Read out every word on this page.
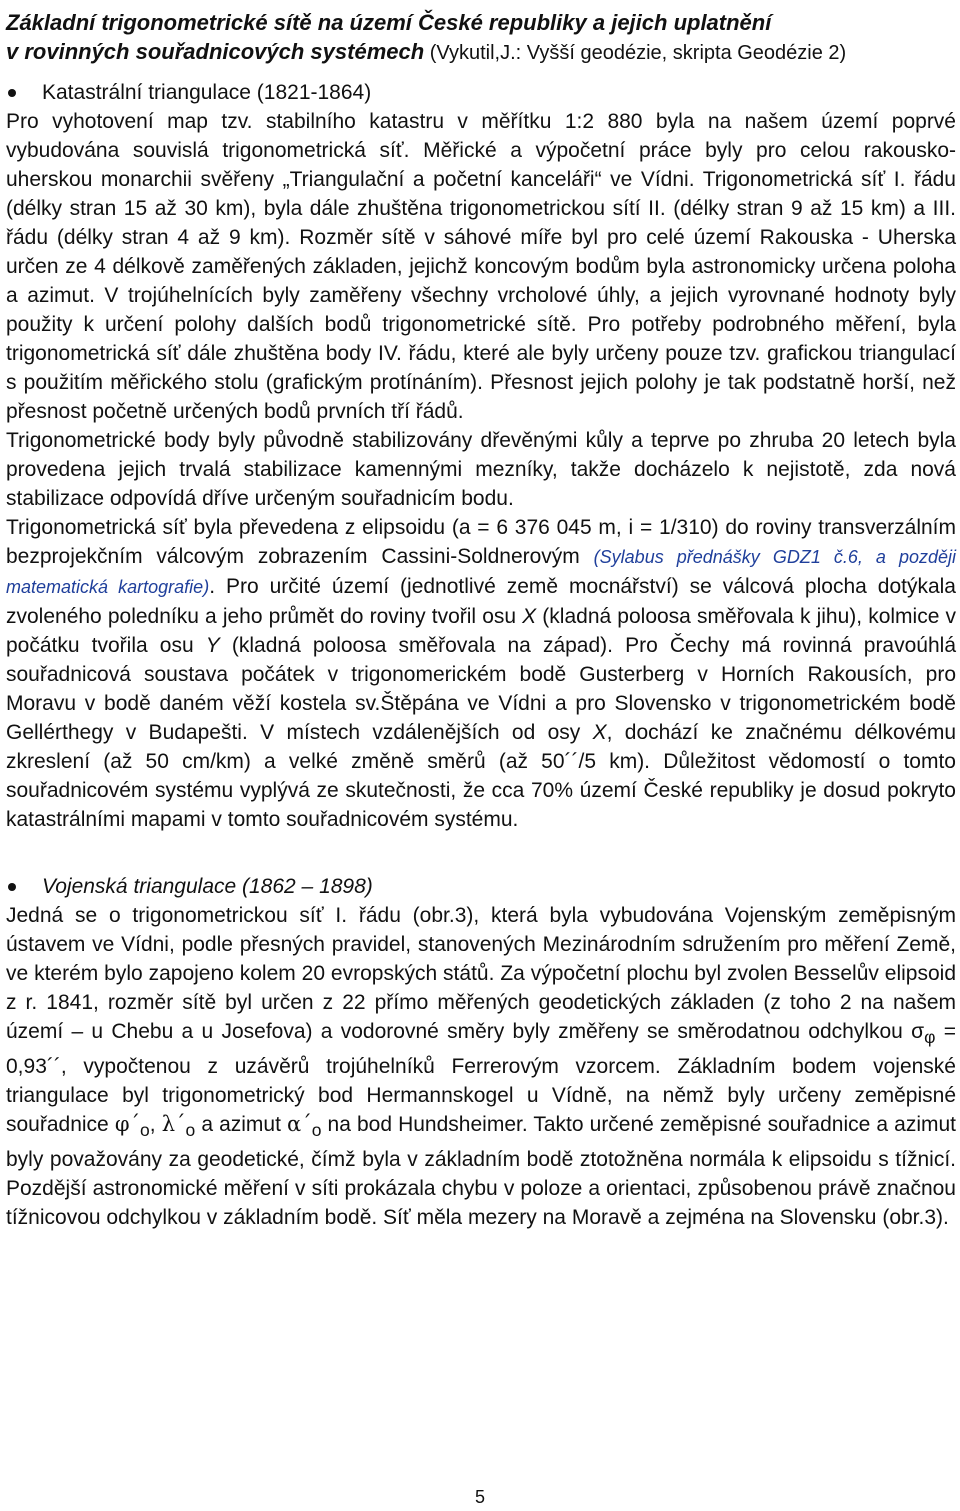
Základní trigonometrické sítě na území České republiky a jejich uplatnění
v rovinných souřadnicových systémech (Vykutil,J.: Vyšší geodézie, skripta Geodézie 2)
Katastrální triangulace (1821-1864)

Pro vyhotovení map tzv. stabilního katastru v měřítku 1:2 880 byla na našem území poprvé vybudována souvislá trigonometrická síť. Měřické a výpočetní práce byly pro celou rakousko-uherskou monarchii svěřeny „Triangulační a početní kanceláři“ ve Vídni. Trigonometrická síť I. řádu (délky stran 15 až 30 km), byla dále zhuštěna trigonometrickou sítí II. (délky stran 9 až 15 km) a III. řádu (délky stran 4 až 9 km). Rozměr sítě v sáhové míře byl pro celé území Rakouska - Uherska určen ze 4 délkově zaměřených základen, jejichž koncovým bodům byla astronomicky určena poloha a azimut. V trojúhelnících byly zaměřeny všechny vrcholové úhly, a jejich vyrovnané hodnoty byly použity k určení polohy dalších bodů trigonometrické sítě. Pro potřeby podrobného měření, byla trigonometrická síť dále zhuštěna body IV. řádu, které ale byly určeny pouze tzv. grafickou triangulací s použitím měřického stolu (grafickým protínáním). Přesnost jejich polohy je tak podstatně horší, než přesnost početně určených bodů prvních tří řádů.

Trigonometrické body byly původně stabilizovány dřevěnými kůly a teprve po zhruba 20 letech byla provedena jejich trvalá stabilizace kamennými mezníky, takže docházelo k nejistotě, zda nová stabilizace odpovídá dříve určeným souřadnicím bodu.

Trigonometrická síť byla převedena z elipsoidu (a = 6 376 045 m, i = 1/310) do roviny transverzálním bezprojekčním válcovým zobrazením Cassini-Soldnerovým (Sylabus přednášky GDZ1 č.6, a později matematická kartografie). Pro určité území (jednotlivé země mocnářství) se válcová plocha dotýkala zvoleného poledníku a jeho průmět do roviny tvořil osu X (kladná poloosa směřovala k jihu), kolmice v počátku tvořila osu Y (kladná poloosa směřovala na západ). Pro Čechy má rovinná pravoúhlá souřadnicová soustava počátek v trigonomerickém bodě Gusterberg v Horních Rakousích, pro Moravu v bodě daném věží kostela sv.Štěpána ve Vídni a pro Slovensko v trigonometrickém bodě Gellérthegy v Budapešti. V místech vzdálenějších od osy X, dochází ke značnému délkovému zkreslení (až 50 cm/km) a velké změně směrů (až 50´´/5 km). Důležitost vědomostí o tomto souřadnicovém systému vyplývá ze skutečnosti, že cca 70% území České republiky je dosud pokryto katastrálními mapami v tomto souřadnicovém systému.

Vojenská triangulace (1862 – 1898)

Jedná se o trigonometrickou síť I. řádu (obr.3), která byla vybudována Vojenským zeměpisným ústavem ve Vídni, podle přesných pravidel, stanovených Mezinárodním sdružením pro měření Země, ve kterém bylo zapojeno kolem 20 evropských států. Za výpočetní plochu byl zvolen Besselův elipsoid z r. 1841, rozměr sítě byl určen z 22 přímo měřených geodetických základen (z toho 2 na našem území – u Chebu a u Josefova) a vodorovné směry byly změřeny se směrodatnou odchylkou $\sigma_\varphi$ = 0,93´´, vypočtenou z uzávěrů trojúhelníků Ferrerovým vzorcem. Základním bodem vojenské triangulace byl trigonometrický bod Hermannskogel u Vídně, na němž byly určeny zeměpisné souřadnice $\varphi´_o$, $\lambda´_o$ a azimut $\alpha´_o$ na bod Hundsheimer. Takto určené zeměpisné souřadnice a azimut byly považovány za geodetické, čímž byla v základním bodě ztotožněna normála k elipsoidu s tížnicí. Pozdější astronomické měření v síti prokázala chybu v poloze a orientaci, způsobenou právě značnou tížnicovou odchylkou v základním bodě. Síť měla mezery na Moravě a zejména na Slovensku (obr.3).

5
